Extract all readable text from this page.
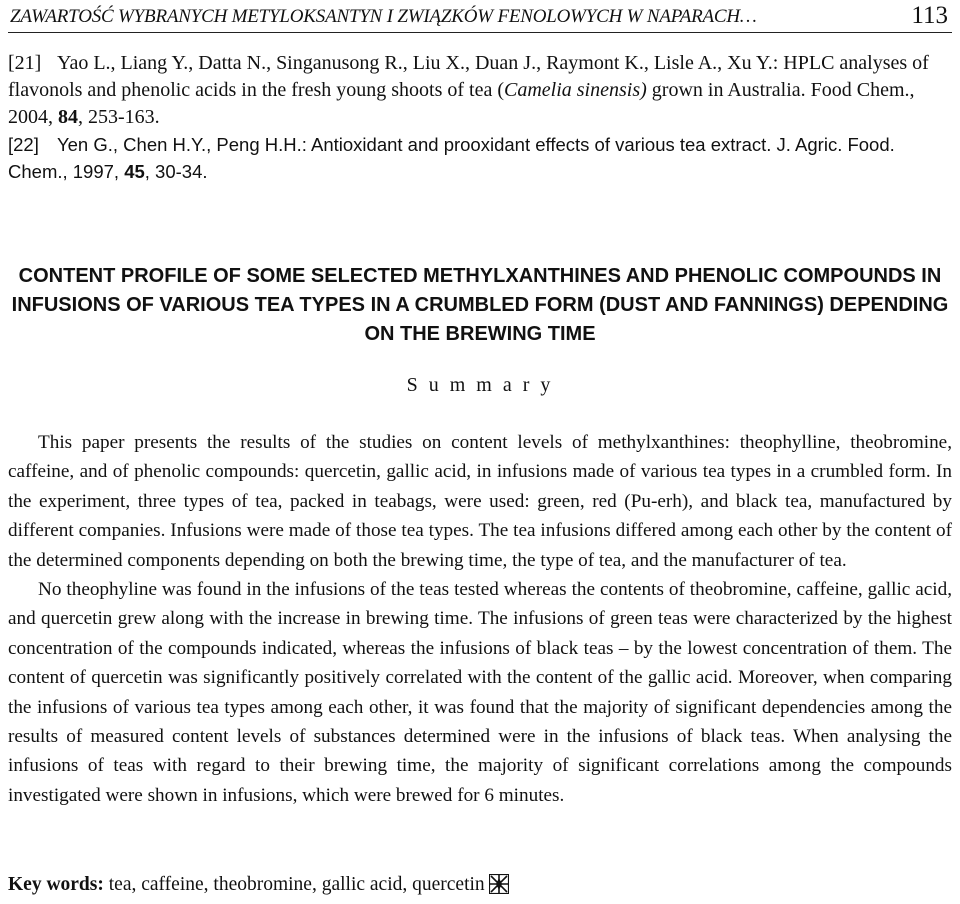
ZAWARTOŚĆ WYBRANYCH METYLOKSANTYN I ZWIĄZKÓW FENOLOWYCH W NAPARACH…	113
[21] Yao L., Liang Y., Datta N., Singanusong R., Liu X., Duan J., Raymont K., Lisle A., Xu Y.: HPLC analyses of flavonols and phenolic acids in the fresh young shoots of tea (Camelia sinensis) grown in Australia. Food Chem., 2004, 84, 253-163.
[22] Yen G., Chen H.Y., Peng H.H.: Antioxidant and prooxidant effects of various tea extract. J. Agric. Food. Chem., 1997, 45, 30-34.
CONTENT PROFILE OF SOME SELECTED METHYLXANTHINES AND PHENOLIC COMPOUNDS IN INFUSIONS OF VARIOUS TEA TYPES IN A CRUMBLED FORM (DUST AND FANNINGS) DEPENDING ON THE BREWING TIME
S u m m a r y

This paper presents the results of the studies on content levels of methylxanthines: theophylline, theobromine, caffeine, and of phenolic compounds: quercetin, gallic acid, in infusions made of various tea types in a crumbled form. In the experiment, three types of tea, packed in teabags, were used: green, red (Pu-erh), and black tea, manufactured by different companies. Infusions were made of those tea types. The tea infusions differed among each other by the content of the determined components depending on both the brewing time, the type of tea, and the manufacturer of tea.

No theophyline was found in the infusions of the teas tested whereas the contents of theobromine, caffeine, gallic acid, and quercetin grew along with the increase in brewing time. The infusions of green teas were characterized by the highest concentration of the compounds indicated, whereas the infusions of black teas – by the lowest concentration of them. The content of quercetin was significantly positively correlated with the content of the gallic acid. Moreover, when comparing the infusions of various tea types among each other, it was found that the majority of significant dependencies among the results of measured content levels of substances determined were in the infusions of black teas. When analysing the infusions of teas with regard to their brewing time, the majority of significant correlations among the compounds investigated were shown in infusions, which were brewed for 6 minutes.

Key words: tea, caffeine, theobromine, gallic acid, quercetin
